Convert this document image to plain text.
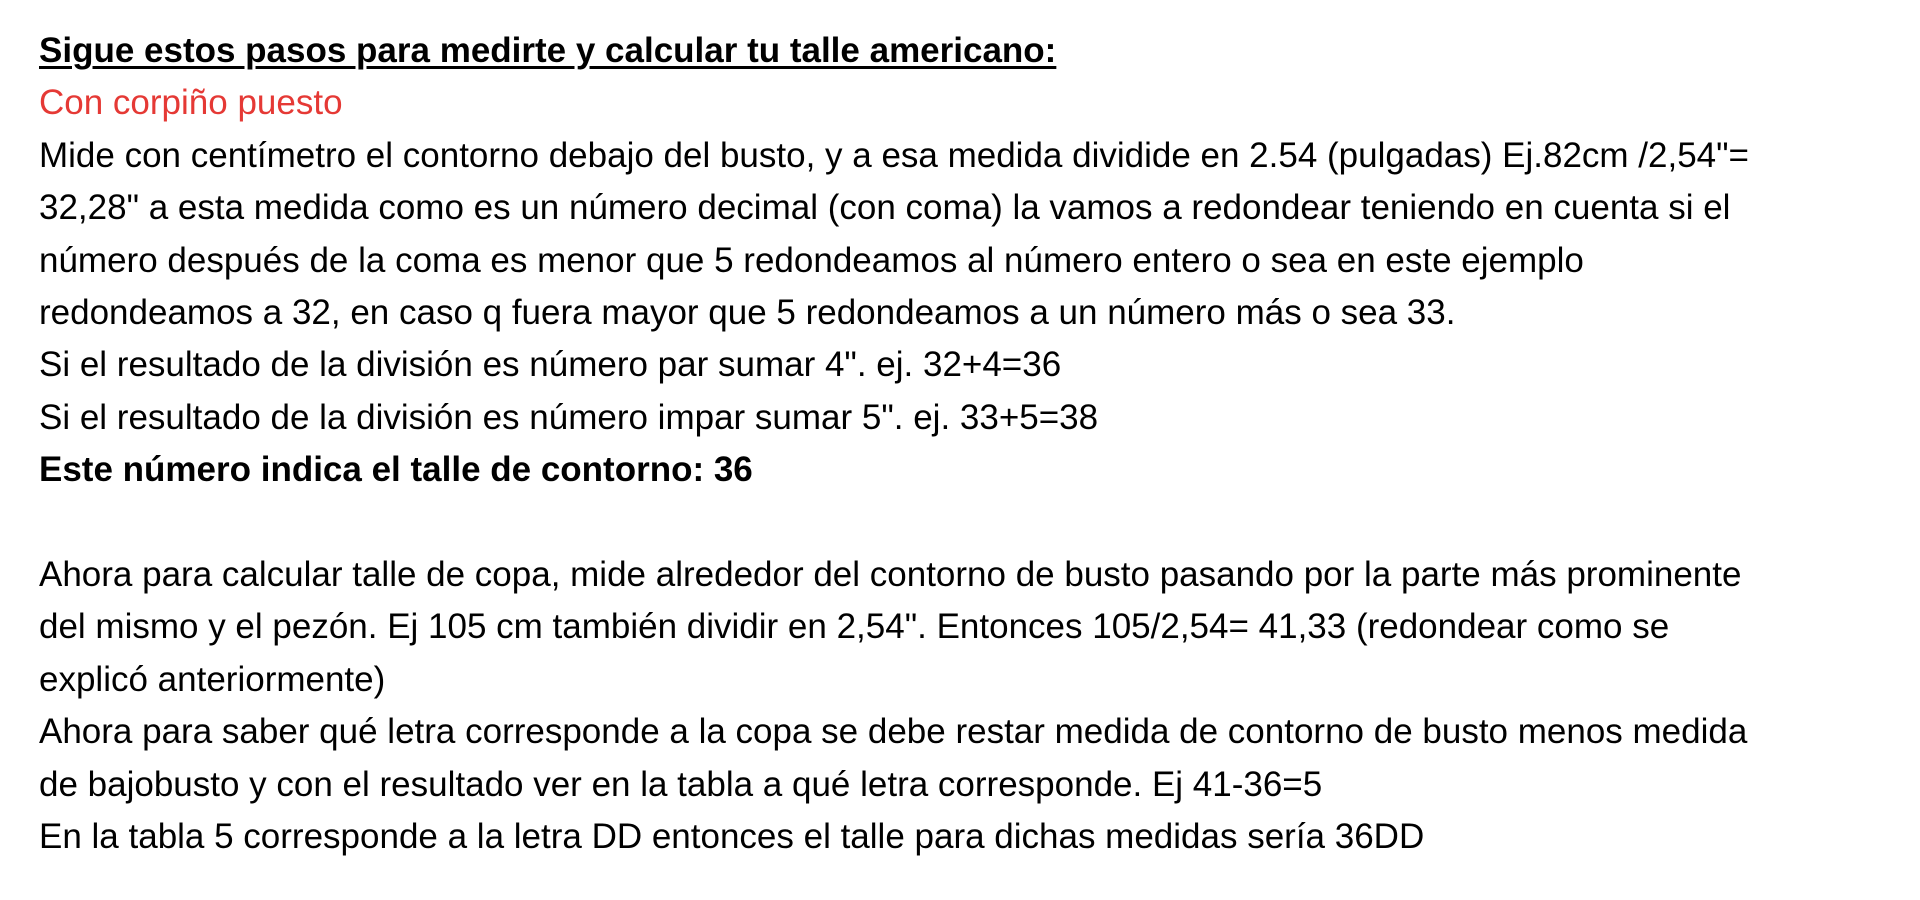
Sigue estos pasos para medirte y calcular tu talle americano:
Con corpiño puesto
Mide con centímetro el contorno debajo del busto, y a esa medida dividide en 2.54 (pulgadas) Ej.82cm /2,54"=
32,28" a esta medida como es un número decimal (con coma) la vamos a redondear teniendo en cuenta si el
número después de la coma es menor que 5 redondeamos al número entero o sea en este ejemplo
redondeamos a 32, en caso q fuera mayor que 5 redondeamos a un número más o sea 33.
Si el resultado de la división es número par sumar 4". ej. 32+4=36
Si el resultado de la división es número impar sumar 5". ej. 33+5=38
Este número indica el talle de contorno: 36
Ahora para calcular talle de copa, mide alrededor del contorno de busto pasando por la parte más prominente
del mismo y el pezón. Ej 105 cm también dividir en 2,54". Entonces 105/2,54= 41,33 (redondear como se
explicó anteriormente)
Ahora para saber qué letra corresponde a la copa se debe restar medida de contorno de busto menos medida
de bajobusto y con el resultado ver en la tabla a qué letra corresponde. Ej 41-36=5
En la tabla 5 corresponde a la letra DD entonces el talle para dichas medidas sería 36DD
